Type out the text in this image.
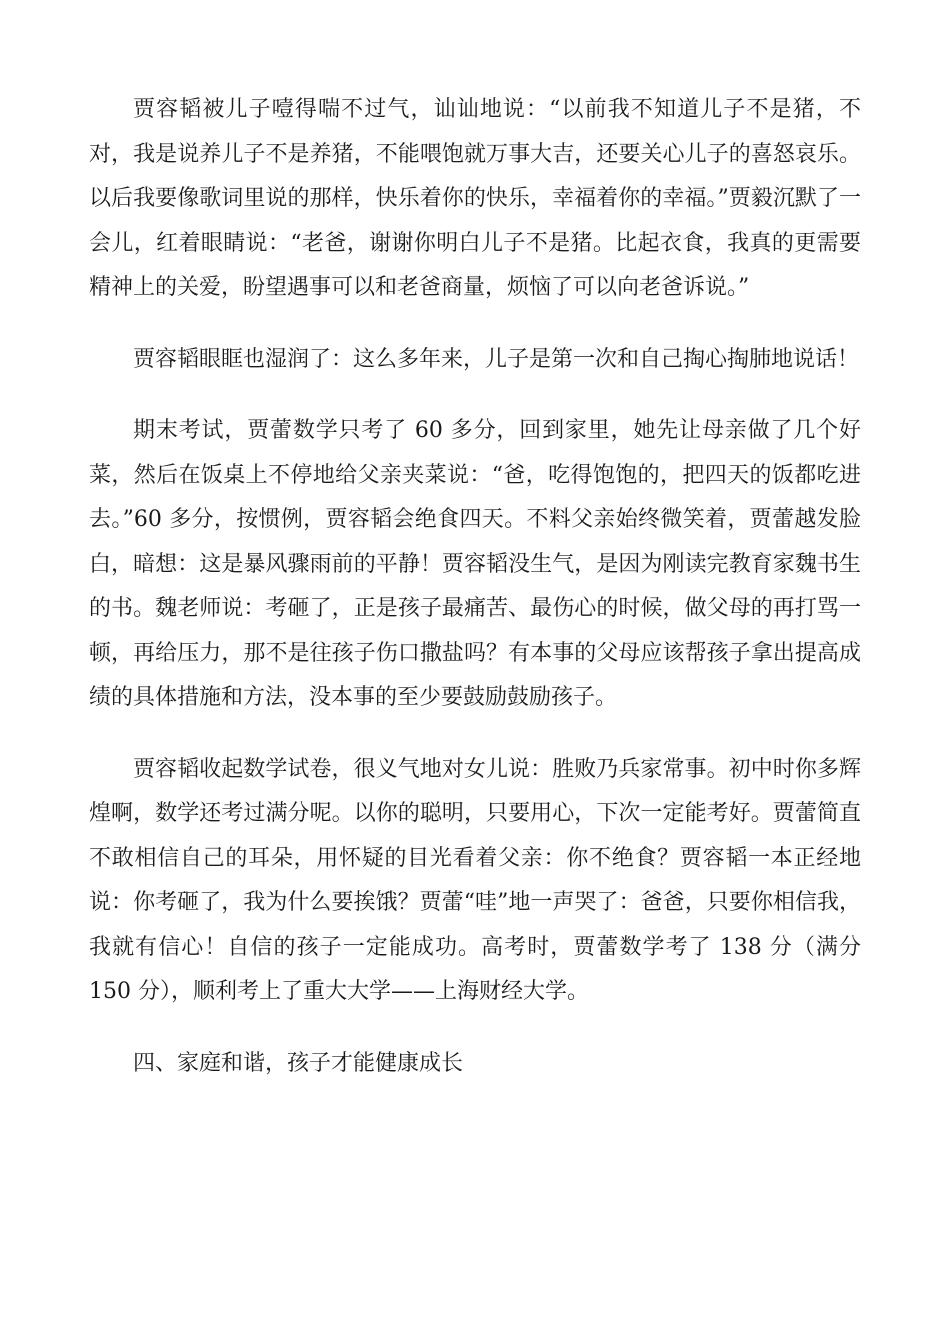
贾容韬被儿子噎得喘不过气，讪讪地说：“以前我不知道儿子不是猪，不对，我是说养儿子不是养猪，不能喂饱就万事大吉，还要关心儿子的喜怒哀乐。以后我要像歌词里说的那样，快乐着你的快乐，幸福着你的幸福。”贾毅沉默了一会儿，红着眼睛说：“老爸，谢谢你明白儿子不是猪。比起衣食，我真的更需要精神上的关爱，盼望遇事可以和老爸商量，烦恼了可以向老爸诉说。”

贾容韬眼眶也湿润了：这么多年来，儿子是第一次和自己掏心掏肺地说话！

期末考试，贾蕾数学只考了 60 多分，回到家里，她先让母亲做了几个好菜，然后在饭桌上不停地给父亲夹菜说：“爸，吃得饱饱的，把四天的饭都吃进去。”60 多分，按惯例，贾容韬会绝食四天。不料父亲始终微笑着，贾蕾越发脸白，暗想：这是暴风骤雨前的平静！贾容韬没生气，是因为刚读完教育家魏书生的书。魏老师说：考砸了，正是孩子最痛苦、最伤心的时候，做父母的再打骂一顿，再给压力，那不是往孩子伤口撒盐吗？有本事的父母应该帮孩子拿出提高成绩的具体措施和方法，没本事的至少要鼓励鼓励孩子。

贾容韬收起数学试卷，很义气地对女儿说：胜败乃兵家常事。初中时你多辉煌啊，数学还考过满分呢。以你的聪明，只要用心，下次一定能考好。贾蕾简直不敢相信自己的耳朵，用怀疑的目光看着父亲：你不绝食？贾容韬一本正经地说：你考砸了，我为什么要挨饿？贾蕾“哇”地一声哭了：爸爸，只要你相信我，我就有信心！自信的孩子一定能成功。高考时，贾蕾数学考了 138 分（满分 150 分），顺利考上了重大大学——上海财经大学。

四、家庭和谐，孩子才能健康成长
